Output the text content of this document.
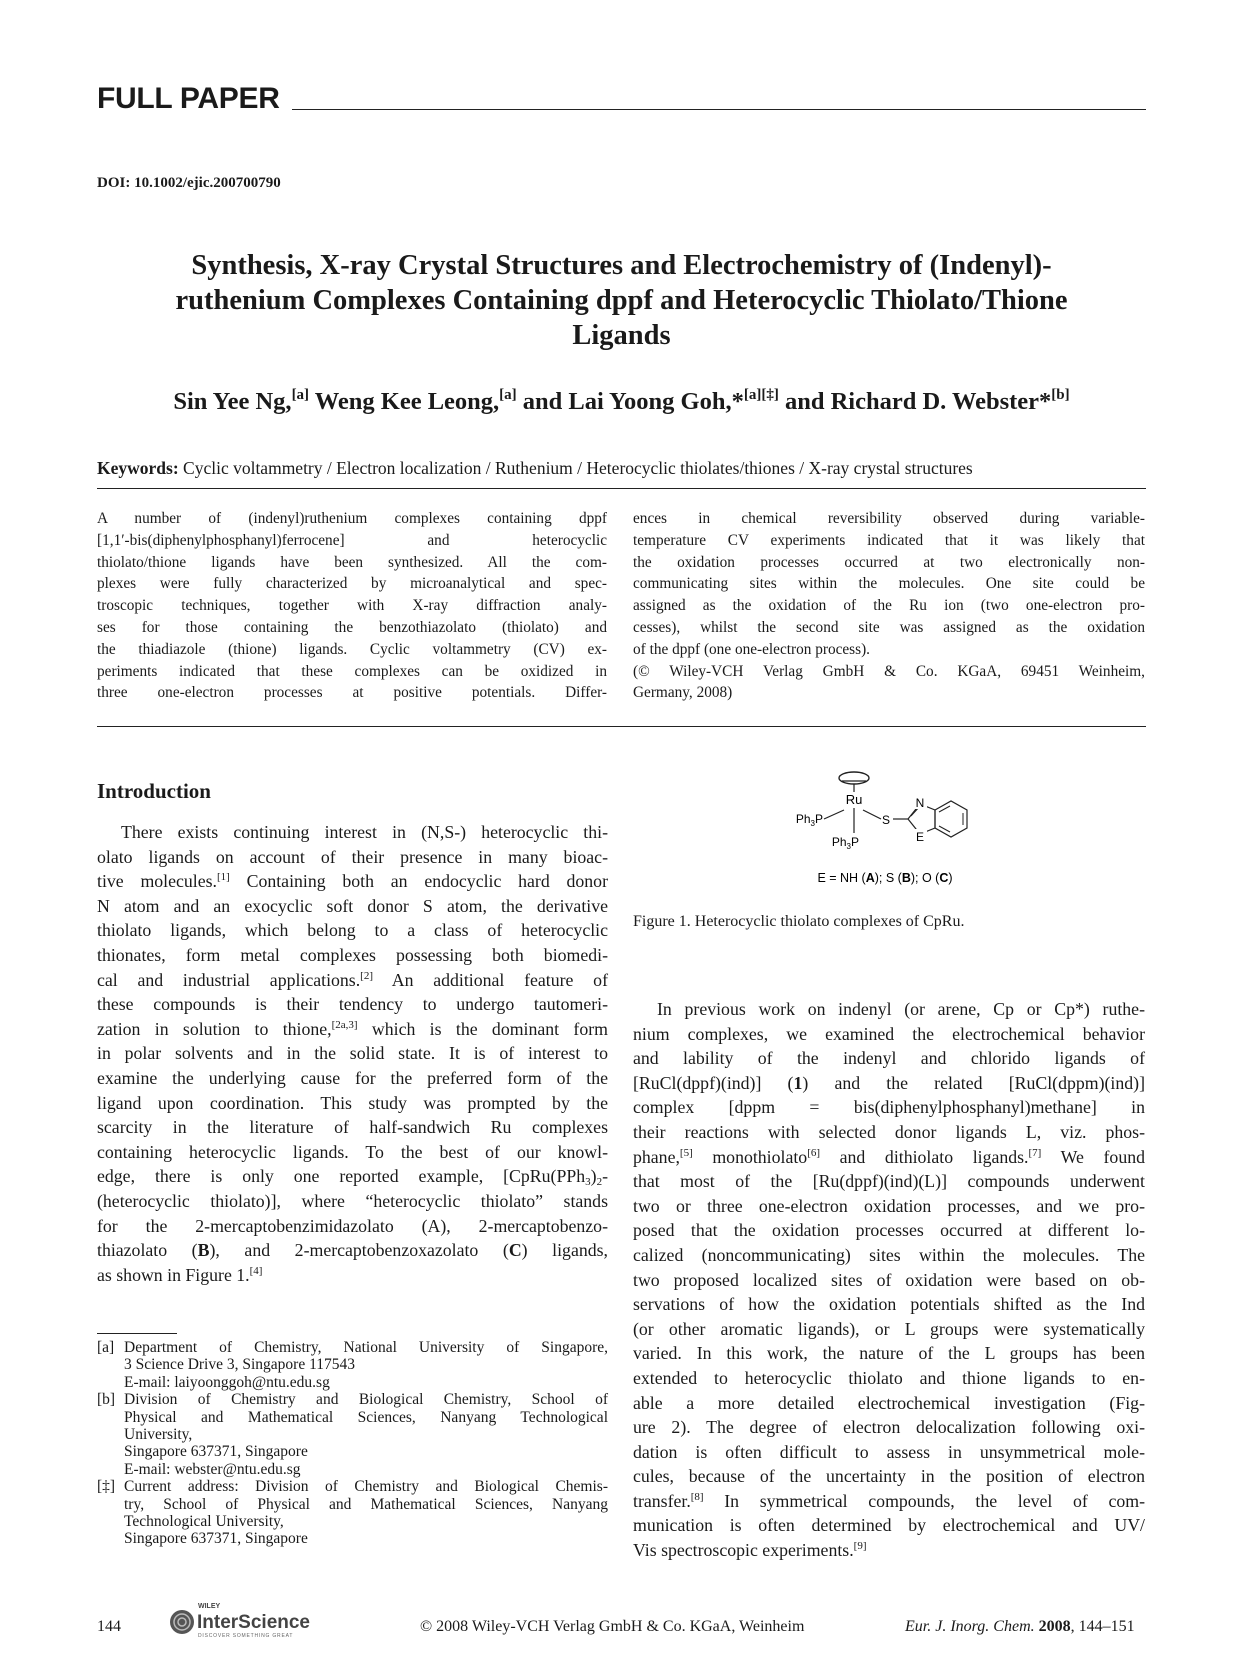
FULL PAPER
DOI: 10.1002/ejic.200700790
Synthesis, X-ray Crystal Structures and Electrochemistry of (Indenyl)-
ruthenium Complexes Containing dppf and Heterocyclic Thiolato/Thione
Ligands
Sin Yee Ng,[a] Weng Kee Leong,[a] and Lai Yoong Goh,*[a][‡] and Richard D. Webster*[b]
Keywords: Cyclic voltammetry / Electron localization / Ruthenium / Heterocyclic thiolates/thiones / X-ray crystal structures
A number of (indenyl)ruthenium complexes containing dppf
[1,1′-bis(diphenylphosphanyl)ferrocene] and heterocyclic
thiolato/thione ligands have been synthesized. All the com-
plexes were fully characterized by microanalytical and spec-
troscopic techniques, together with X-ray diffraction analy-
ses for those containing the benzothiazolato (thiolato) and
the thiadiazole (thione) ligands. Cyclic voltammetry (CV) ex-
periments indicated that these complexes can be oxidized in
three one-electron processes at positive potentials. Differ-
ences in chemical reversibility observed during variable-
temperature CV experiments indicated that it was likely that
the oxidation processes occurred at two electronically non-
communicating sites within the molecules. One site could be
assigned as the oxidation of the Ru ion (two one-electron pro-
cesses), whilst the second site was assigned as the oxidation
of the dppf (one one-electron process).
(© Wiley-VCH Verlag GmbH & Co. KGaA, 69451 Weinheim,
Germany, 2008)
Introduction
There exists continuing interest in (N,S-) heterocyclic thi-
olato ligands on account of their presence in many bioac-
tive molecules.[1] Containing both an endocyclic hard donor
N atom and an exocyclic soft donor S atom, the derivative
thiolato ligands, which belong to a class of heterocyclic
thionates, form metal complexes possessing both biomedi-
cal and industrial applications.[2] An additional feature of
these compounds is their tendency to undergo tautomeri-
zation in solution to thione,[2a,3] which is the dominant form
in polar solvents and in the solid state. It is of interest to
examine the underlying cause for the preferred form of the
ligand upon coordination. This study was prompted by the
scarcity in the literature of half-sandwich Ru complexes
containing heterocyclic ligands. To the best of our knowl-
edge, there is only one reported example, [$CpRu(PPh_3)_2-$
(heterocyclic thiolato)], where “heterocyclic thiolato” stands
for the 2-mercaptobenzimidazolato (A), 2-mercaptobenzo-
thiazolato (B), and 2-mercaptobenzoxazolato (C) ligands,
as shown in Figure 1.[4]
Ru
$Ph_3P$
$Ph_3P$
S
N
E
E = NH (A); S (B); O (C)
Figure 1. Heterocyclic thiolato complexes of CpRu.
In previous work on indenyl (or arene, Cp or Cp*) ruthe-
nium complexes, we examined the electrochemical behavior
and lability of the indenyl and chlorido ligands of
[RuCl(dppf)(ind)] (1) and the related [RuCl(dppm)(ind)]
complex [dppm = bis(diphenylphosphanyl)methane] in
their reactions with selected donor ligands L, viz. phos-
phane,[5] monothiolato[6] and dithiolato ligands.[7] We found
that most of the [Ru(dppf)(ind)(L)] compounds underwent
two or three one-electron oxidation processes, and we pro-
posed that the oxidation processes occurred at different lo-
calized (noncommunicating) sites within the molecules. The
two proposed localized sites of oxidation were based on ob-
servations of how the oxidation potentials shifted as the Ind
(or other aromatic ligands), or L groups were systematically
varied. In this work, the nature of the L groups has been
extended to heterocyclic thiolato and thione ligands to en-
able a more detailed electrochemical investigation (Fig-
ure 2). The degree of electron delocalization following oxi-
dation is often difficult to assess in unsymmetrical mole-
cules, because of the uncertainty in the position of electron
transfer.[8] In symmetrical compounds, the level of com-
munication is often determined by electrochemical and UV/
Vis spectroscopic experiments.[9]
[a] Department of Chemistry, National University of Singapore,
3 Science Drive 3, Singapore 117543
E-mail: laiyoonggoh@ntu.edu.sg
[b] Division of Chemistry and Biological Chemistry, School of
Physical and Mathematical Sciences, Nanyang Technological
University,
Singapore 637371, Singapore
E-mail: webster@ntu.edu.sg
[‡] Current address: Division of Chemistry and Biological Chemis-
try, School of Physical and Mathematical Sciences, Nanyang
Technological University,
Singapore 637371, Singapore
144
WILEY
InterScience
DISCOVER SOMETHING GREAT
© 2008 Wiley-VCH Verlag GmbH & Co. KGaA, Weinheim	Eur. J. Inorg. Chem. 2008, 144–151
